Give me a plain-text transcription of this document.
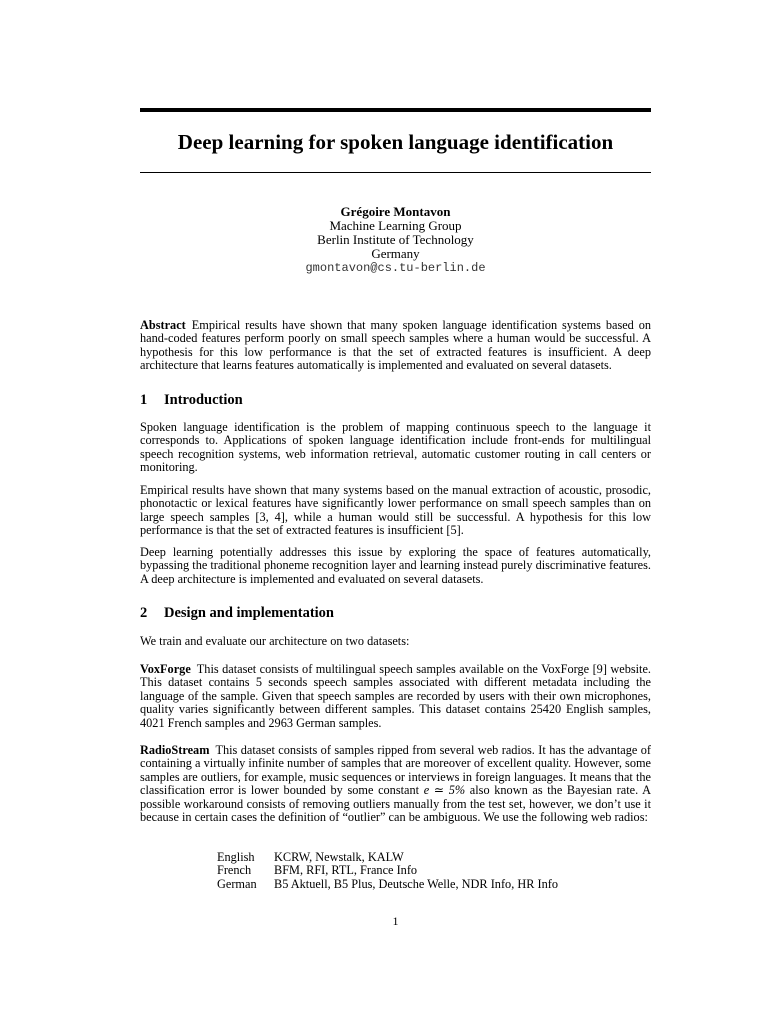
Deep learning for spoken language identification
Grégoire Montavon
Machine Learning Group
Berlin Institute of Technology
Germany
gmontavon@cs.tu-berlin.de

Abstract Empirical results have shown that many spoken language identification systems based on hand-coded features perform poorly on small speech samples where a human would be successful. A hypothesis for this low performance is that the set of extracted features is insufficient. A deep architecture that learns features automatically is implemented and evaluated on several datasets.

1 Introduction

Spoken language identification is the problem of mapping continuous speech to the language it corresponds to. Applications of spoken language identification include front-ends for multilingual speech recognition systems, web information retrieval, automatic customer routing in call centers or monitoring.

Empirical results have shown that many systems based on the manual extraction of acoustic, prosodic, phonotactic or lexical features have significantly lower performance on small speech samples than on large speech samples [3, 4], while a human would still be successful. A hypothesis for this low performance is that the set of extracted features is insufficient [5].

Deep learning potentially addresses this issue by exploring the space of features automatically, bypassing the traditional phoneme recognition layer and learning instead purely discriminative features. A deep architecture is implemented and evaluated on several datasets.

2 Design and implementation

We train and evaluate our architecture on two datasets:

VoxForge This dataset consists of multilingual speech samples available on the VoxForge [9] website. This dataset contains 5 seconds speech samples associated with different metadata including the language of the sample. Given that speech samples are recorded by users with their own microphones, quality varies significantly between different samples. This dataset contains 25420 English samples, 4021 French samples and 2963 German samples.

RadioStream This dataset consists of samples ripped from several web radios. It has the advantage of containing a virtually infinite number of samples that are moreover of excellent quality. However, some samples are outliers, for example, music sequences or interviews in foreign languages. It means that the classification error is lower bounded by some constant e ≃ 5% also known as the Bayesian rate. A possible workaround consists of removing outliers manually from the test set, however, we don’t use it because in certain cases the definition of “outlier” can be ambiguous. We use the following web radios:

English	KCRW, Newstalk, KALW
French	BFM, RFI, RTL, France Info
German	B5 Aktuell, B5 Plus, Deutsche Welle, NDR Info, HR Info
1
